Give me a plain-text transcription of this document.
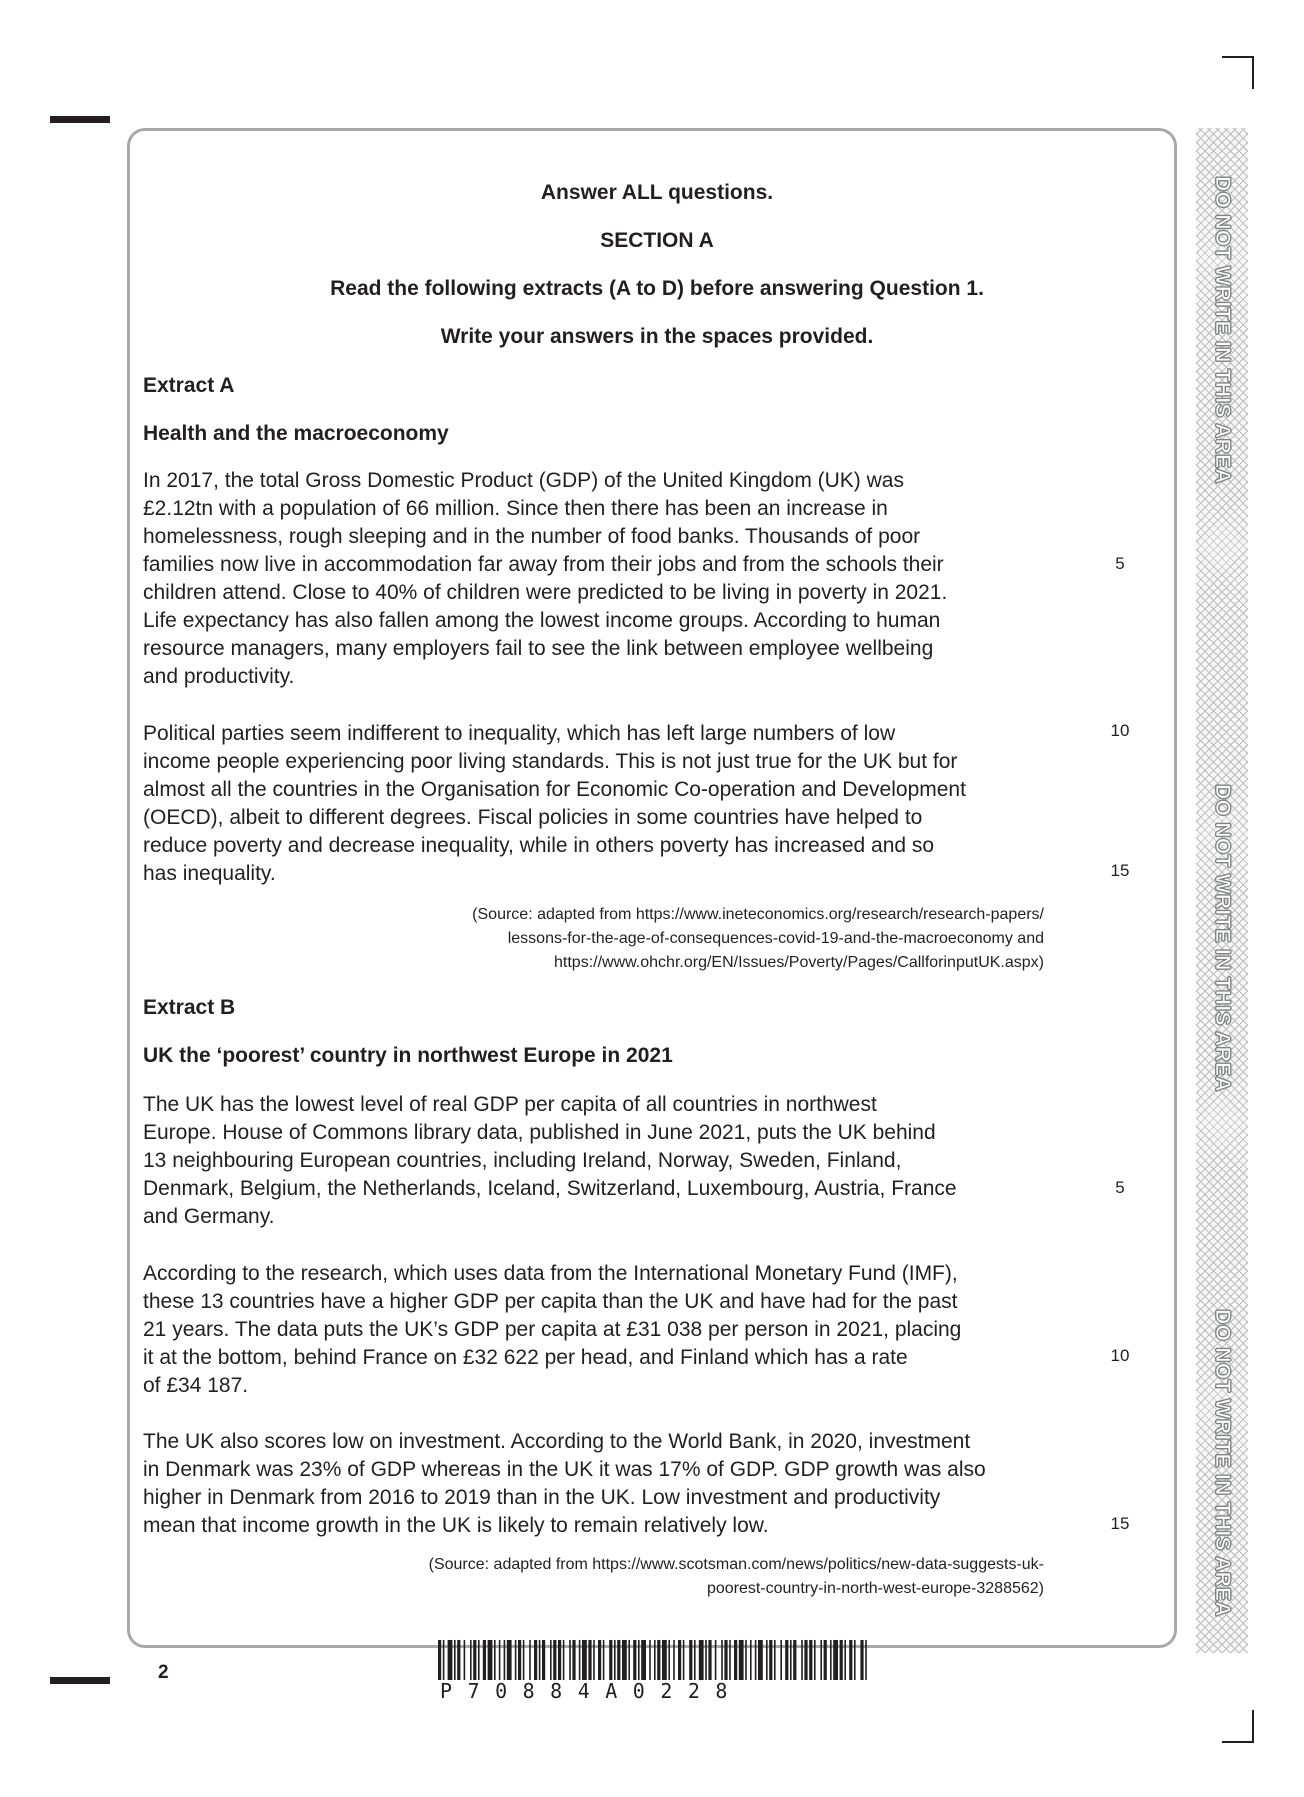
DO NOT WRITE IN THIS AREA
DO NOT WRITE IN THIS AREA
DO NOT WRITE IN THIS AREA
Answer ALL questions.
SECTION A
Read the following extracts (A to D) before answering Question 1.
Write your answers in the spaces provided.
Extract A
Health and the macroeconomy
In 2017, the total Gross Domestic Product (GDP) of the United Kingdom (UK) was
£2.12tn with a population of 66 million. Since then there has been an increase in
homelessness, rough sleeping and in the number of food banks. Thousands of poor
families now live in accommodation far away from their jobs and from the schools their
children attend. Close to 40% of children were predicted to be living in poverty in 2021.
Life expectancy has also fallen among the lowest income groups. According to human
resource managers, many employers fail to see the link between employee wellbeing
and productivity.
5
Political parties seem indifferent to inequality, which has left large numbers of low
income people experiencing poor living standards. This is not just true for the UK but for
almost all the countries in the Organisation for Economic Co-operation and Development
(OECD), albeit to different degrees. Fiscal policies in some countries have helped to
reduce poverty and decrease inequality, while in others poverty has increased and so
has inequality.
10
15
(Source: adapted from https://www.ineteconomics.org/research/research-papers/
lessons-for-the-age-of-consequences-covid-19-and-the-macroeconomy and
https://www.ohchr.org/EN/Issues/Poverty/Pages/CallforinputUK.aspx)
Extract B
UK the ‘poorest’ country in northwest Europe in 2021
The UK has the lowest level of real GDP per capita of all countries in northwest
Europe. House of Commons library data, published in June 2021, puts the UK behind
13 neighbouring European countries, including Ireland, Norway, Sweden, Finland,
Denmark, Belgium, the Netherlands, Iceland, Switzerland, Luxembourg, Austria, France
and Germany.
5
According to the research, which uses data from the International Monetary Fund (IMF),
these 13 countries have a higher GDP per capita than the UK and have had for the past
21 years. The data puts the UK’s GDP per capita at £31 038 per person in 2021, placing
it at the bottom, behind France on £32 622 per head, and Finland which has a rate
of £34 187.
10
The UK also scores low on investment. According to the World Bank, in 2020, investment
in Denmark was 23% of GDP whereas in the UK it was 17% of GDP. GDP growth was also
higher in Denmark from 2016 to 2019 than in the UK. Low investment and productivity
mean that income growth in the UK is likely to remain relatively low.	15
(Source: adapted from https://www.scotsman.com/news/politics/new-data-suggests-uk-
poorest-country-in-north-west-europe-3288562)
2
P70884A0228
